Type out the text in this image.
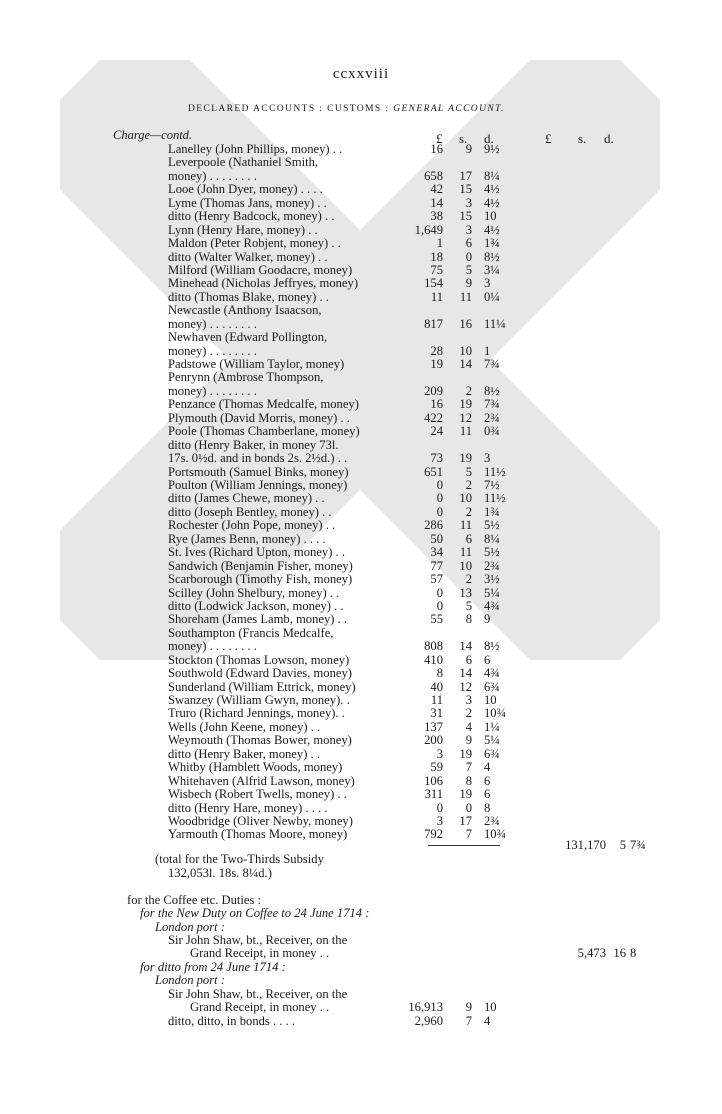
ccxxviii
DECLARED ACCOUNTS : CUSTOMS : GENERAL ACCOUNT.
Charge—contd.	£ s. d.	£ s. d.
Lanelley (John Phillips, money) . .	16 9 9½
Leverpoole (Nathaniel Smith,
money) . . . . . . . .	658 17 8¼
Looe (John Dyer, money) . . . .	42 15 4½
Lyme (Thomas Jans, money) . .	14 3 4½
ditto (Henry Badcock, money) . .	38 15 10
Lynn (Henry Hare, money) . .	1,649 3 4½
Maldon (Peter Robjent, money) . .	1 6 1¾
ditto (Walter Walker, money) . .	18 0 8½
Milford (William Goodacre, money)	75 5 3¼
Minehead (Nicholas Jeffryes, money)	154 9 3
ditto (Thomas Blake, money) . .	11 11 0¼
Newcastle (Anthony Isaacson,
money) . . . . . . . .	817 16 11¼
Newhaven (Edward Pollington,
money) . . . . . . . .	28 10 1
Padstowe (William Taylor, money)	19 14 7¾
Penrynn (Ambrose Thompson,
money) . . . . . . . .	209 2 8½
Penzance (Thomas Medcalfe, money)	16 19 7¾
Plymouth (David Morris, money) . .	422 12 2¾
Poole (Thomas Chamberlane, money)	24 11 0¾
ditto (Henry Baker, in money 73l.
17s. 0½d. and in bonds 2s. 2½d.) . .	73 19 3
Portsmouth (Samuel Binks, money)	651 5 11½
Poulton (William Jennings, money)	0 2 7½
ditto (James Chewe, money) . .	0 10 11½
ditto (Joseph Bentley, money) . .	0 2 1¾
Rochester (John Pope, money) . .	286 11 5½
Rye (James Benn, money) . . . .	50 6 8¼
St. Ives (Richard Upton, money) . .	34 11 5½
Sandwich (Benjamin Fisher, money)	77 10 2¾
Scarborough (Timothy Fish, money)	57 2 3½
Scilley (John Shelbury, money) . .	0 13 5¼
ditto (Lodwick Jackson, money) . .	0 5 4¾
Shoreham (James Lamb, money) . .	55 8 9
Southampton (Francis Medcalfe,
money) . . . . . . . .	808 14 8½
Stockton (Thomas Lowson, money)	410 6 6
Southwold (Edward Davies, money)	8 14 4¾
Sunderland (William Ettrick, money)	40 12 6¾
Swanzey (William Gwyn, money). .	11 3 10
Truro (Richard Jennings, money). .	31 2 10¾
Wells (John Keene, money) . .	137 4 1¼
Weymouth (Thomas Bower, money)	200 9 5¼
ditto (Henry Baker, money) . .	3 19 6¾
Whitby (Hamblett Woods, money)	59 7 4
Whitehaven (Alfrid Lawson, money)	106 8 6
Wisbech (Robert Twells, money) . .	311 19 6
ditto (Henry Hare, money) . . . .	0 0 8
Woodbridge (Oliver Newby, money)	3 17 2¾
Yarmouth (Thomas Moore, money)	792 7 10¾
131,170 5 7¾
(total for the Two-Thirds Subsidy
132,053l. 18s. 8¼d.)
for the Coffee etc. Duties :
for the New Duty on Coffee to 24 June 1714 :
London port :
Sir John Shaw, bt., Receiver, on the
Grand Receipt, in money . .	5,473 16 8
for ditto from 24 June 1714 :
London port :
Sir John Shaw, bt., Receiver, on the
Grand Receipt, in money . .	16,913 9 10
ditto, ditto, in bonds . . . .	2,960 7 4
